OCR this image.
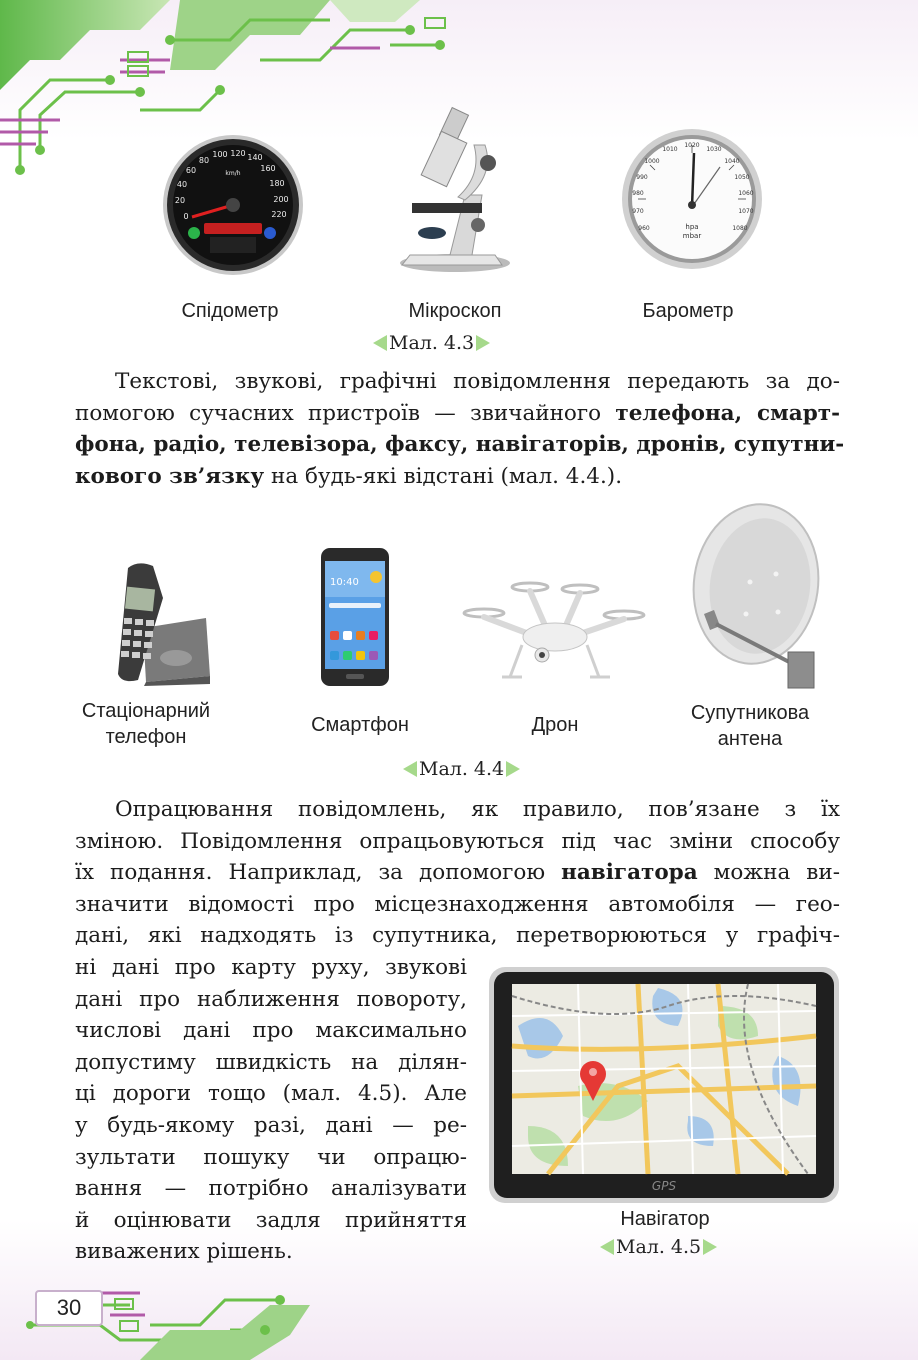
0
20
40
60
80
100 120 140
160
180
200
220
km/h
960
970
980
990
1000
1010
1020
1030
1040
1050
1060
1070
1080
hpa
mbar
Спідометр	Мікроскоп	Барометр
Мал. 4.3
Текстові, звукові, графічні повідомлення передають за до-
помогою сучасних пристроїв — звичайного телефона, смарт-
фона, радіо, телевізора, факсу, навігаторів, дронів, супутни-
кового зв’язку на будь-які відстані (мал. 4.4.).
10:40
Стаціонарний
телефон
Смартфон	Дрон
Супутникова
антена
Мал. 4.4
Опрацювання повідомлень, як правило, пов’язане з їх
зміною. Повідомлення опрацьовуються під час зміни способу
їх подання. Наприклад, за допомогою навігатора можна ви-
значити відомості про місцезнаходження автомобіля — гео-
дані, які надходять із супутника, перетворюються у графіч-
ні дані про карту руху, звукові
дані про наближення повороту,
числові дані про максимально
допустиму швидкість на ділян-
ці дороги тощо (мал. 4.5). Але
у будь-якому разі, дані — ре-
зультати пошуку чи опрацю-
вання — потрібно аналізувати
й оцінювати задля прийняття
виважених рішень.
GPS
Навігатор
Мал. 4.5
30
